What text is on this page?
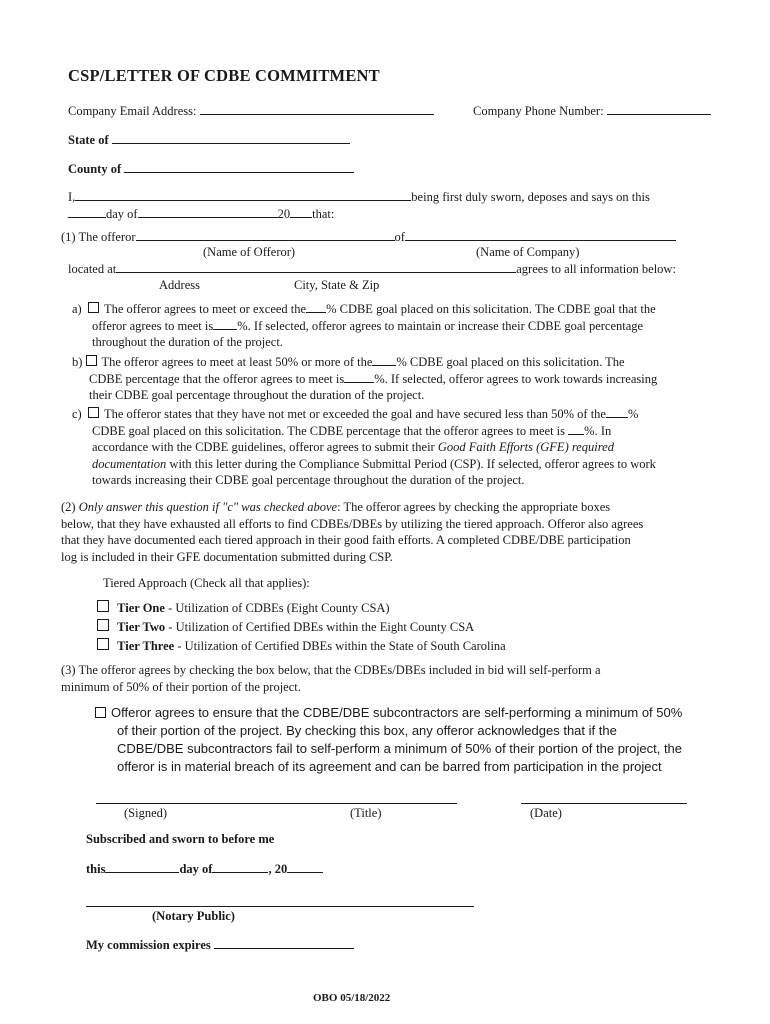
CSP/LETTER OF CDBE COMMITMENT
Company Email Address:	Company Phone Number:
State of
County of
I,	being first duly sworn, deposes and says on this
day of	20 that:
(1) The offeror	of
(Name of Offeror)	(Name of Company)
located at	agrees to all information below:
Address	City, State & Zip
a) The offeror agrees to meet or exceed the % CDBE goal placed on this solicitation. The CDBE goal that the
offeror agrees to meet is %. If selected, offeror agrees to maintain or increase their CDBE goal percentage
throughout the duration of the project.
b) The offeror agrees to meet at least 50% or more of the % CDBE goal placed on this solicitation. The
CDBE percentage that the offeror agrees to meet is %. If selected, offeror agrees to work towards increasing
their CDBE goal percentage throughout the duration of the project.
c) The offeror states that they have not met or exceeded the goal and have secured less than 50% of the %
CDBE goal placed on this solicitation. The CDBE percentage that the offeror agrees to meet is %. In
accordance with the CDBE guidelines, offeror agrees to submit their Good Faith Efforts (GFE) required
documentation with this letter during the Compliance Submittal Period (CSP). If selected, offeror agrees to work
towards increasing their CDBE goal percentage throughout the duration of the project.
(2) Only answer this question if "c" was checked above: The offeror agrees by checking the appropriate boxes
below, that they have exhausted all efforts to find CDBEs/DBEs by utilizing the tiered approach. Offeror also agrees
that they have documented each tiered approach in their good faith efforts. A completed CDBE/DBE participation
log is included in their GFE documentation submitted during CSP.
Tiered Approach (Check all that applies):
Tier One - Utilization of CDBEs (Eight County CSA)
Tier Two - Utilization of Certified DBEs within the Eight County CSA
Tier Three - Utilization of Certified DBEs within the State of South Carolina
(3) The offeror agrees by checking the box below, that the CDBEs/DBEs included in bid will self-perform a
minimum of 50% of their portion of the project.
Offeror agrees to ensure that the CDBE/DBE subcontractors are self-performing a minimum of 50%
of their portion of the project. By checking this box, any offeror acknowledges that if the
CDBE/DBE subcontractors fail to self-perform a minimum of 50% of their portion of the project, the
offeror is in material breach of its agreement and can be barred from participation in the project
(Signed)	(Title)	(Date)
Subscribed and sworn to before me
this	day of	, 20
(Notary Public)
My commission expires
OBO 05/18/2022
